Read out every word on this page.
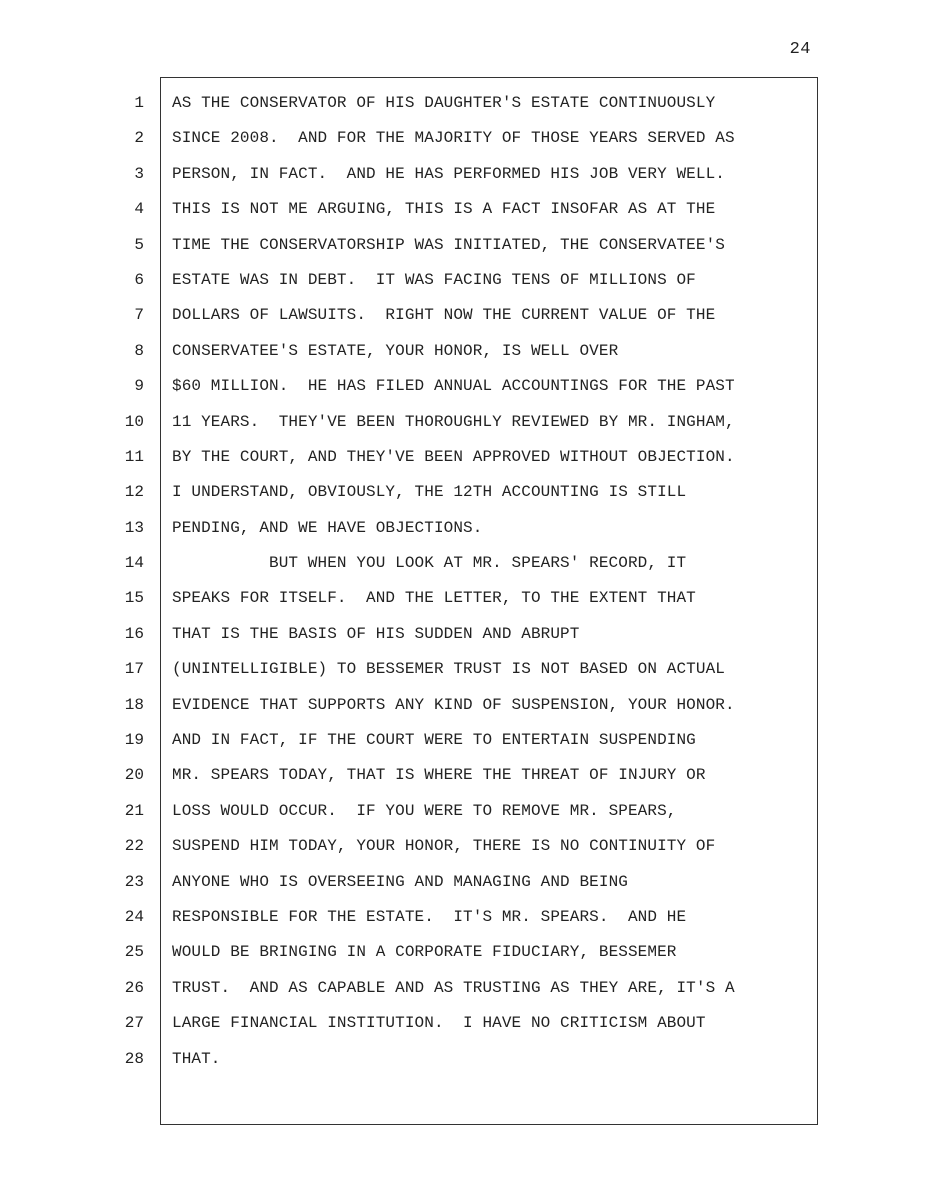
24
1
2
3
4
5
6
7
8
9
10
11
12
13
14
15
16
17
18
19
20
21
22
23
24
25
26
27
28
AS THE CONSERVATOR OF HIS DAUGHTER'S ESTATE CONTINUOUSLY
SINCE 2008.  AND FOR THE MAJORITY OF THOSE YEARS SERVED AS
PERSON, IN FACT.  AND HE HAS PERFORMED HIS JOB VERY WELL.
THIS IS NOT ME ARGUING, THIS IS A FACT INSOFAR AS AT THE
TIME THE CONSERVATORSHIP WAS INITIATED, THE CONSERVATEE'S
ESTATE WAS IN DEBT.  IT WAS FACING TENS OF MILLIONS OF
DOLLARS OF LAWSUITS.  RIGHT NOW THE CURRENT VALUE OF THE
CONSERVATEE'S ESTATE, YOUR HONOR, IS WELL OVER
$60 MILLION.  HE HAS FILED ANNUAL ACCOUNTINGS FOR THE PAST
11 YEARS.  THEY'VE BEEN THOROUGHLY REVIEWED BY MR. INGHAM,
BY THE COURT, AND THEY'VE BEEN APPROVED WITHOUT OBJECTION.
I UNDERSTAND, OBVIOUSLY, THE 12TH ACCOUNTING IS STILL
PENDING, AND WE HAVE OBJECTIONS.
BUT WHEN YOU LOOK AT MR. SPEARS' RECORD, IT
SPEAKS FOR ITSELF.  AND THE LETTER, TO THE EXTENT THAT
THAT IS THE BASIS OF HIS SUDDEN AND ABRUPT
(UNINTELLIGIBLE) TO BESSEMER TRUST IS NOT BASED ON ACTUAL
EVIDENCE THAT SUPPORTS ANY KIND OF SUSPENSION, YOUR HONOR.
AND IN FACT, IF THE COURT WERE TO ENTERTAIN SUSPENDING
MR. SPEARS TODAY, THAT IS WHERE THE THREAT OF INJURY OR
LOSS WOULD OCCUR.  IF YOU WERE TO REMOVE MR. SPEARS,
SUSPEND HIM TODAY, YOUR HONOR, THERE IS NO CONTINUITY OF
ANYONE WHO IS OVERSEEING AND MANAGING AND BEING
RESPONSIBLE FOR THE ESTATE.  IT'S MR. SPEARS.  AND HE
WOULD BE BRINGING IN A CORPORATE FIDUCIARY, BESSEMER
TRUST.  AND AS CAPABLE AND AS TRUSTING AS THEY ARE, IT'S A
LARGE FINANCIAL INSTITUTION.  I HAVE NO CRITICISM ABOUT
THAT.
